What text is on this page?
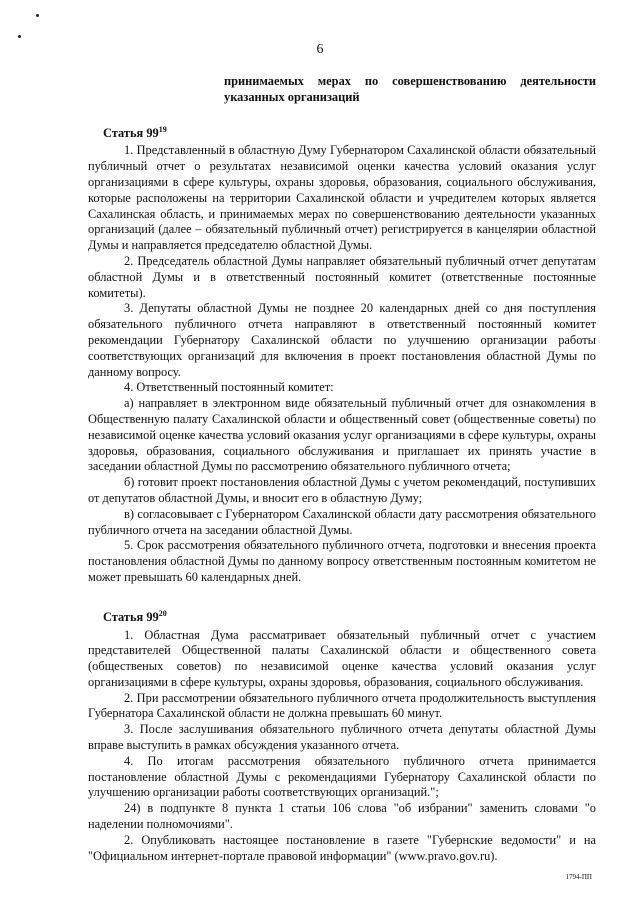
6
принимаемых мерах по совершенствованию деятельности указанных организаций
Статья $99^{19}$

1. Представленный в областную Думу Губернатором Сахалинской области обязательный публичный отчет о результатах независимой оценки качества условий оказания услуг организациями в сфере культуры, охраны здоровья, образования, социального обслуживания, которые расположены на территории Сахалинской области и учредителем которых является Сахалинская область, и принимаемых мерах по совершенствованию деятельности указанных организаций (далее – обязательный публичный отчет) регистрируется в канцелярии областной Думы и направляется председателю областной Думы.

2. Председатель областной Думы направляет обязательный публичный отчет депутатам областной Думы и в ответственный постоянный комитет (ответственные постоянные комитеты).

3. Депутаты областной Думы не позднее 20 календарных дней со дня поступления обязательного публичного отчета направляют в ответственный постоянный комитет рекомендации Губернатору Сахалинской области по улучшению организации работы соответствующих организаций для включения в проект постановления областной Думы по данному вопросу.

4. Ответственный постоянный комитет:

а) направляет в электронном виде обязательный публичный отчет для ознакомления в Общественную палату Сахалинской области и общественный совет (общественные советы) по независимой оценке качества условий оказания услуг организациями в сфере культуры, охраны здоровья, образования, социального обслуживания и приглашает их принять участие в заседании областной Думы по рассмотрению обязательного публичного отчета;

б) готовит проект постановления областной Думы с учетом рекомендаций, поступивших от депутатов областной Думы, и вносит его в областную Думу;

в) согласовывает с Губернатором Сахалинской области дату рассмотрения обязательного публичного отчета на заседании областной Думы.

5. Срок рассмотрения обязательного публичного отчета, подготовки и внесения проекта постановления областной Думы по данному вопросу ответственным постоянным комитетом не может превышать 60 календарных дней.

Статья $99^{20}$

1. Областная Дума рассматривает обязательный публичный отчет с участием представителей Общественной палаты Сахалинской области и общественного совета (общественых советов) по независимой оценке качества условий оказания услуг организациями в сфере культуры, охраны здоровья, образования, социального обслуживания.

2. При рассмотрении обязательного публичного отчета продолжительность выступления Губернатора Сахалинской области не должна превышать 60 минут.

3. После заслушивания обязательного публичного отчета депутаты областной Думы вправе выступить в рамках обсуждения указанного отчета.

4. По итогам рассмотрения обязательного публичного отчета принимается постановление областной Думы с рекомендациями Губернатору Сахалинской области по улучшению организации работы соответствующих организаций.";

24) в подпункте 8 пункта 1 статьи 106 слова "об избрании" заменить словами "о наделении полномочиями".

2. Опубликовать настоящее постановление в газете "Губернские ведомости" и на "Официальном интернет-портале правовой информации" (www.pravo.gov.ru).

1794-ПП
